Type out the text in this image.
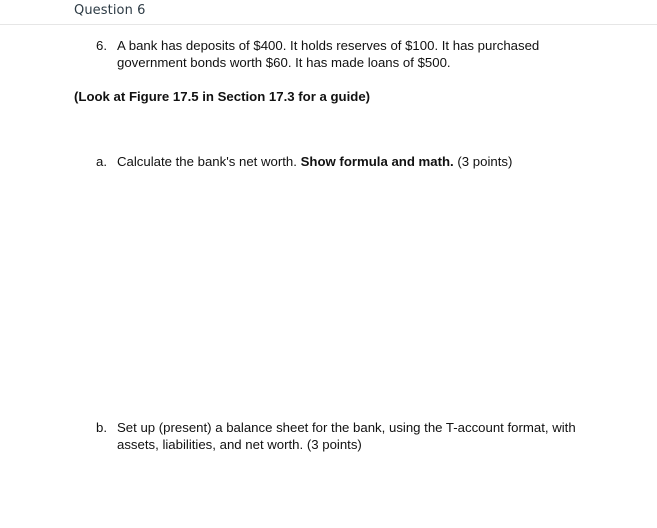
Question 6
6. A bank has deposits of $400. It holds reserves of $100. It has purchased
government bonds worth $60. It has made loans of $500.
(Look at Figure 17.5 in Section 17.3 for a guide)
a. Calculate the bank's net worth. Show formula and math. (3 points)
b. Set up (present) a balance sheet for the bank, using the T-account format, with
assets, liabilities, and net worth. (3 points)
